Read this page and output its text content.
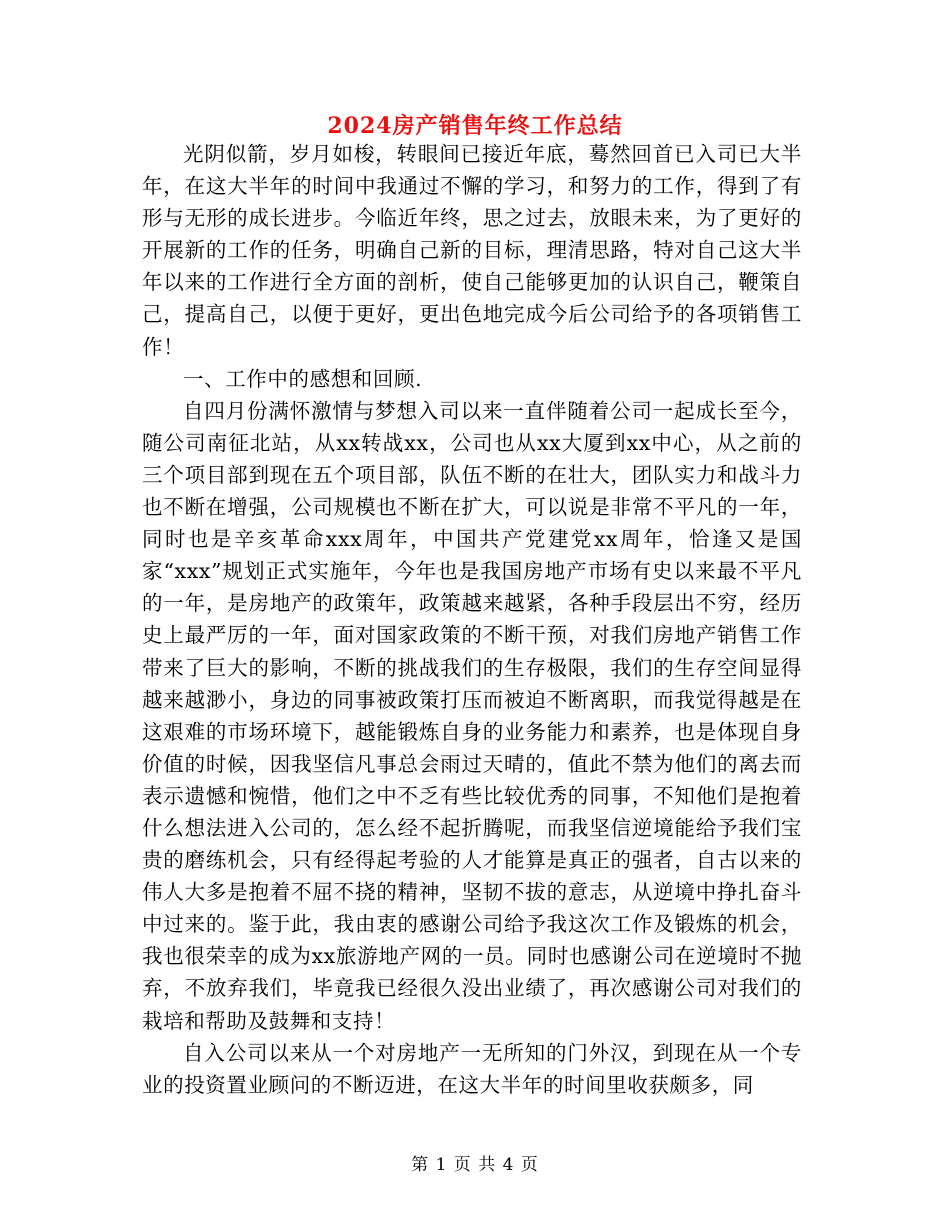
2024房产销售年终工作总结

光阴似箭，岁月如梭，转眼间已接近年底，蓦然回首已入司已大半年，在这大半年的时间中我通过不懈的学习，和努力的工作，得到了有形与无形的成长进步。今临近年终，思之过去，放眼未来，为了更好的开展新的工作的任务，明确自己新的目标，理清思路，特对自己这大半年以来的工作进行全方面的剖析，使自己能够更加的认识自己，鞭策自己，提高自己，以便于更好，更出色地完成今后公司给予的各项销售工作！

一、工作中的感想和回顾.

自四月份满怀激情与梦想入司以来一直伴随着公司一起成长至今，随公司南征北站，从xx转战xx，公司也从xx大厦到xx中心，从之前的三个项目部到现在五个项目部，队伍不断的在壮大，团队实力和战斗力也不断在增强，公司规模也不断在扩大，可以说是非常不平凡的一年，同时也是辛亥革命xxx周年，中国共产党建党xx周年，恰逢又是国家“xxx”规划正式实施年，今年也是我国房地产市场有史以来最不平凡的一年，是房地产的政策年，政策越来越紧，各种手段层出不穷，经历史上最严厉的一年，面对国家政策的不断干预，对我们房地产销售工作带来了巨大的影响，不断的挑战我们的生存极限，我们的生存空间显得越来越渺小，身边的同事被政策打压而被迫不断离职，而我觉得越是在这艰难的市场环境下，越能锻炼自身的业务能力和素养，也是体现自身价值的时候，因我坚信凡事总会雨过天晴的，值此不禁为他们的离去而表示遗憾和惋惜，他们之中不乏有些比较优秀的同事，不知他们是抱着什么想法进入公司的，怎么经不起折腾呢，而我坚信逆境能给予我们宝贵的磨练机会，只有经得起考验的人才能算是真正的强者，自古以来的伟人大多是抱着不屈不挠的精神，坚韧不拔的意志，从逆境中挣扎奋斗中过来的。鉴于此，我由衷的感谢公司给予我这次工作及锻炼的机会，我也很荣幸的成为xx旅游地产网的一员。同时也感谢公司在逆境时不抛弃，不放弃我们，毕竟我已经很久没出业绩了，再次感谢公司对我们的栽培和帮助及鼓舞和支持！

自入公司以来从一个对房地产一无所知的门外汉，到现在从一个专业的投资置业顾问的不断迈进，在这大半年的时间里收获颇多，同

第 1 页 共 4 页
